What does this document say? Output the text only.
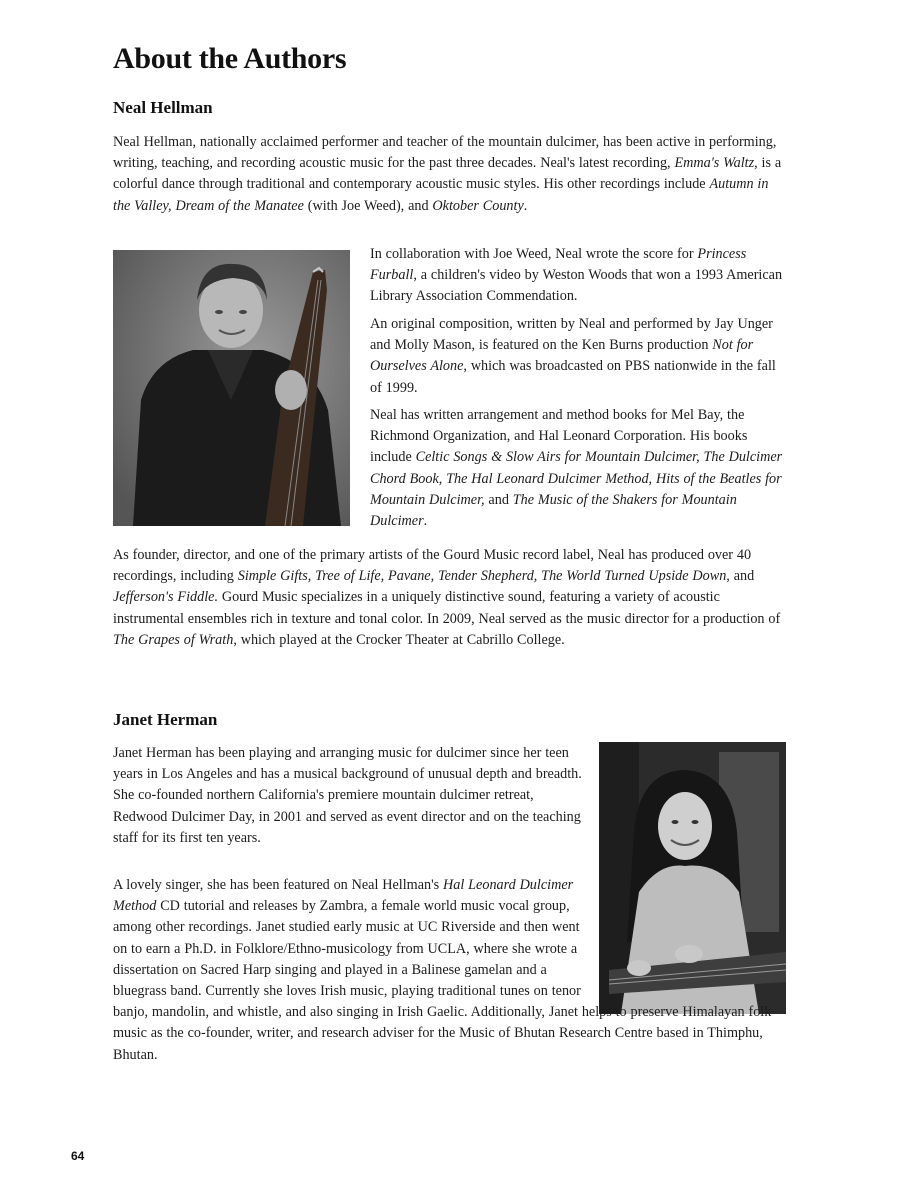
About the Authors
Neal Hellman

Neal Hellman, nationally acclaimed performer and teacher of the mountain dulcimer, has been active in performing, writing, teaching, and recording acoustic music for the past three decades. Neal's latest recording, Emma's Waltz, is a colorful dance through traditional and contemporary acoustic music styles. His other recordings include Autumn in the Valley, Dream of the Manatee (with Joe Weed), and Oktober County.

In collaboration with Joe Weed, Neal wrote the score for Princess Furball, a children's video by Weston Woods that won a 1993 American Library Association Commendation.

An original composition, written by Neal and performed by Jay Unger and Molly Mason, is featured on the Ken Burns production Not for Ourselves Alone, which was broadcasted on PBS nationwide in the fall of 1999.

Neal has written arrangement and method books for Mel Bay, the Richmond Organization, and Hal Leonard Corporation. His books include Celtic Songs & Slow Airs for Mountain Dulcimer, The Dulcimer Chord Book, The Hal Leonard Dulcimer Method, Hits of the Beatles for Mountain Dulcimer, and The Music of the Shakers for Mountain Dulcimer.

As founder, director, and one of the primary artists of the Gourd Music record label, Neal has produced over 40 recordings, including Simple Gifts, Tree of Life, Pavane, Tender Shepherd, The World Turned Upside Down, and Jefferson's Fiddle. Gourd Music specializes in a uniquely distinctive sound, featuring a variety of acoustic instrumental ensembles rich in texture and tonal color. In 2009, Neal served as the music director for a production of The Grapes of Wrath, which played at the Crocker Theater at Cabrillo College.

Janet Herman

Janet Herman has been playing and arranging music for dulcimer since her teen years in Los Angeles and has a musical background of unusual depth and breadth. She co-founded northern California's premiere mountain dulcimer retreat, Redwood Dulcimer Day, in 2001 and served as event director and on the teaching staff for its first ten years.

A lovely singer, she has been featured on Neal Hellman's Hal Leonard Dulcimer Method CD tutorial and releases by Zambra, a female world music vocal group, among other recordings. Janet studied early music at UC Riverside and then went on to earn a Ph.D. in Folklore/Ethno-musicology from UCLA, where she wrote a dissertation on Sacred Harp singing and played in a Balinese gamelan and a bluegrass band. Currently she loves Irish music, playing traditional tunes on tenor banjo, mandolin, and whistle, and also singing in Irish Gaelic. Additionally, Janet helps to preserve Himalayan folk music as the co-founder, writer, and research adviser for the Music of Bhutan Research Centre based in Thimphu, Bhutan.

64
